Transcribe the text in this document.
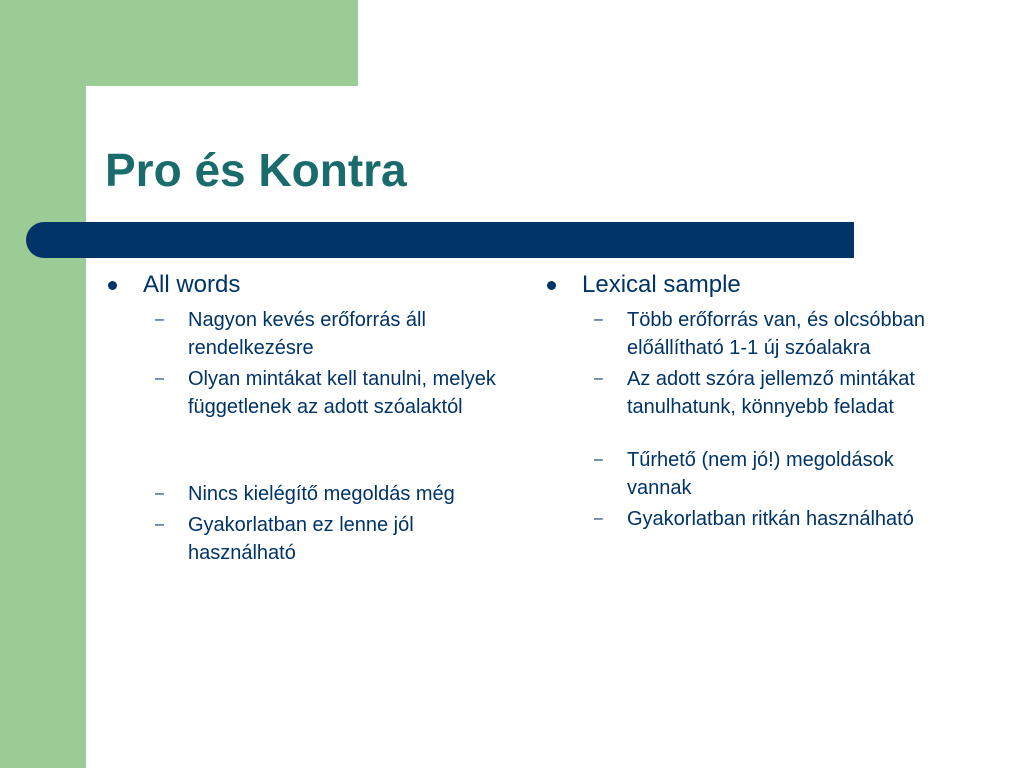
Pro és Kontra
All words
– Nagyon kevés erőforrás áll rendelkezésre
– Olyan mintákat kell tanulni, melyek függetlenek az adott szóalaktól
– Nincs kielégítő megoldás még
– Gyakorlatban ez lenne jól használható
Lexical sample
– Több erőforrás van, és olcsóbban előállítható 1-1 új szóalakra
– Az adott szóra jellemző mintákat tanulhatunk, könnyebb feladat
– Tűrhető (nem jó!) megoldások vannak
– Gyakorlatban ritkán használható
